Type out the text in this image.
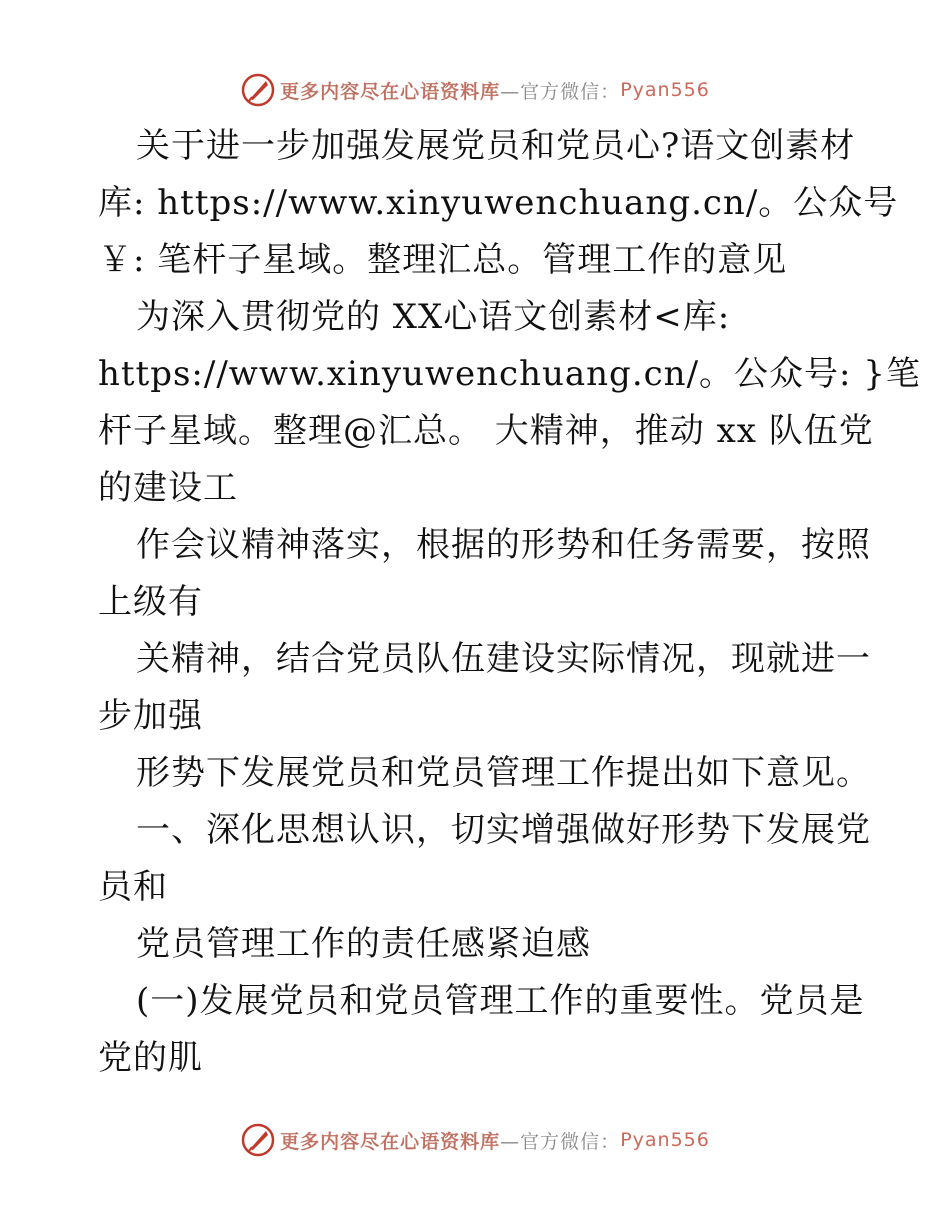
更多内容尽在心语资料库 —官方微信： Pyan556
关于进一步加强发展党员和党员心?语文创素材
库: https://www.xinyuwenchuang.cn/。公众号
￥: 笔杆子星域。整理汇总。管理工作的意见
为深入贯彻党的 XX心语文创素材<库:
https://www.xinyuwenchuang.cn/。公众号: }笔
杆子星域。整理@汇总。 大精神，推动 xx 队伍党
的建设工
作会议精神落实，根据的形势和任务需要，按照
上级有
关精神，结合党员队伍建设实际情况，现就进一
步加强
形势下发展党员和党员管理工作提出如下意见。
一、深化思想认识，切实增强做好形势下发展党
员和
党员管理工作的责任感紧迫感
(一)发展党员和党员管理工作的重要性。党员是
党的肌
更多内容尽在心语资料库 —官方微信： Pyan556
